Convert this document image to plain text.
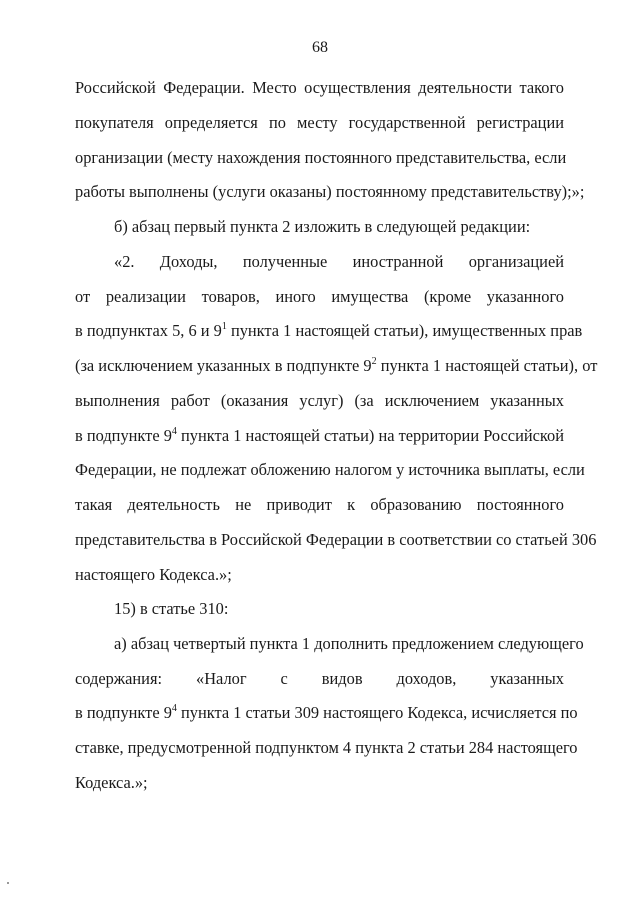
68
Российской Федерации. Место осуществления деятельности такого
покупателя определяется по месту государственной регистрации
организации (месту нахождения постоянного представительства, если
работы выполнены (услуги оказаны) постоянному представительству);»;
б) абзац первый пункта 2 изложить в следующей редакции:
«2. Доходы, полученные иностранной организацией
от реализации товаров, иного имущества (кроме указанного
в подпунктах 5, 6 и $9^1$ пункта 1 настоящей статьи), имущественных прав
(за исключением указанных в подпункте $9^2$ пункта 1 настоящей статьи), от
выполнения работ (оказания услуг) (за исключением указанных
в подпункте $9^4$ пункта 1 настоящей статьи) на территории Российской
Федерации, не подлежат обложению налогом у источника выплаты, если
такая деятельность не приводит к образованию постоянного
представительства в Российской Федерации в соответствии со статьей 306
настоящего Кодекса.»;
15) в статье 310:
а) абзац четвертый пункта 1 дополнить предложением следующего
содержания: «Налог с видов доходов, указанных
в подпункте $9^4$ пункта 1 статьи 309 настоящего Кодекса, исчисляется по
ставке, предусмотренной подпунктом 4 пункта 2 статьи 284 настоящего
Кодекса.»;
